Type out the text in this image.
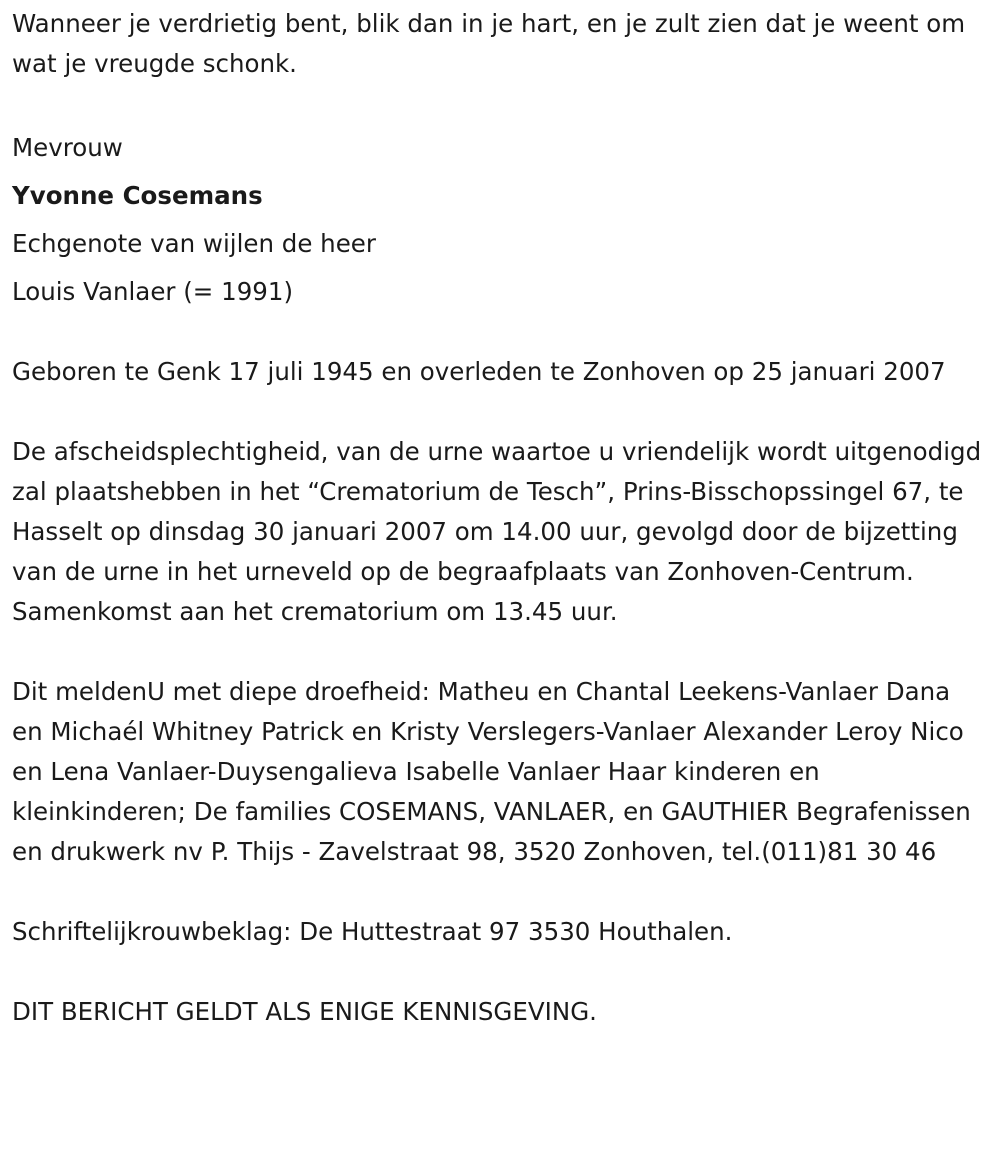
Wanneer je verdrietig bent, blik dan in je hart, en je zult zien dat je weent om wat je vreugde schonk.

Mevrouw

Yvonne Cosemans

Echgenote van wijlen de heer

Louis Vanlaer (= 1991)

Geboren te Genk 17 juli 1945 en overleden te Zonhoven op 25 januari 2007

De afscheidsplechtigheid, van de urne waartoe u vriendelijk wordt uitgenodigd zal plaatshebben in het “Crematorium de Tesch”, Prins-Bisschopssingel 67, te Hasselt op dinsdag 30 januari 2007 om 14.00 uur, gevolgd door de bijzetting van de urne in het urneveld op de begraafplaats van Zonhoven-Centrum. Samenkomst aan het crematorium om 13.45 uur.

Dit meldenU met diepe droefheid: Matheu en Chantal Leekens-Vanlaer Dana en Michaél Whitney Patrick en Kristy Verslegers-Vanlaer Alexander Leroy Nico en Lena Vanlaer-Duysengalieva Isabelle Vanlaer Haar kinderen en kleinkinderen; De families COSEMANS, VANLAER, en GAUTHIER Begrafenissen en drukwerk nv P. Thijs - Zavelstraat 98, 3520 Zonhoven, tel.(011)81 30 46

Schriftelijkrouwbeklag: De Huttestraat 97 3530 Houthalen.

DIT BERICHT GELDT ALS ENIGE KENNISGEVING.
